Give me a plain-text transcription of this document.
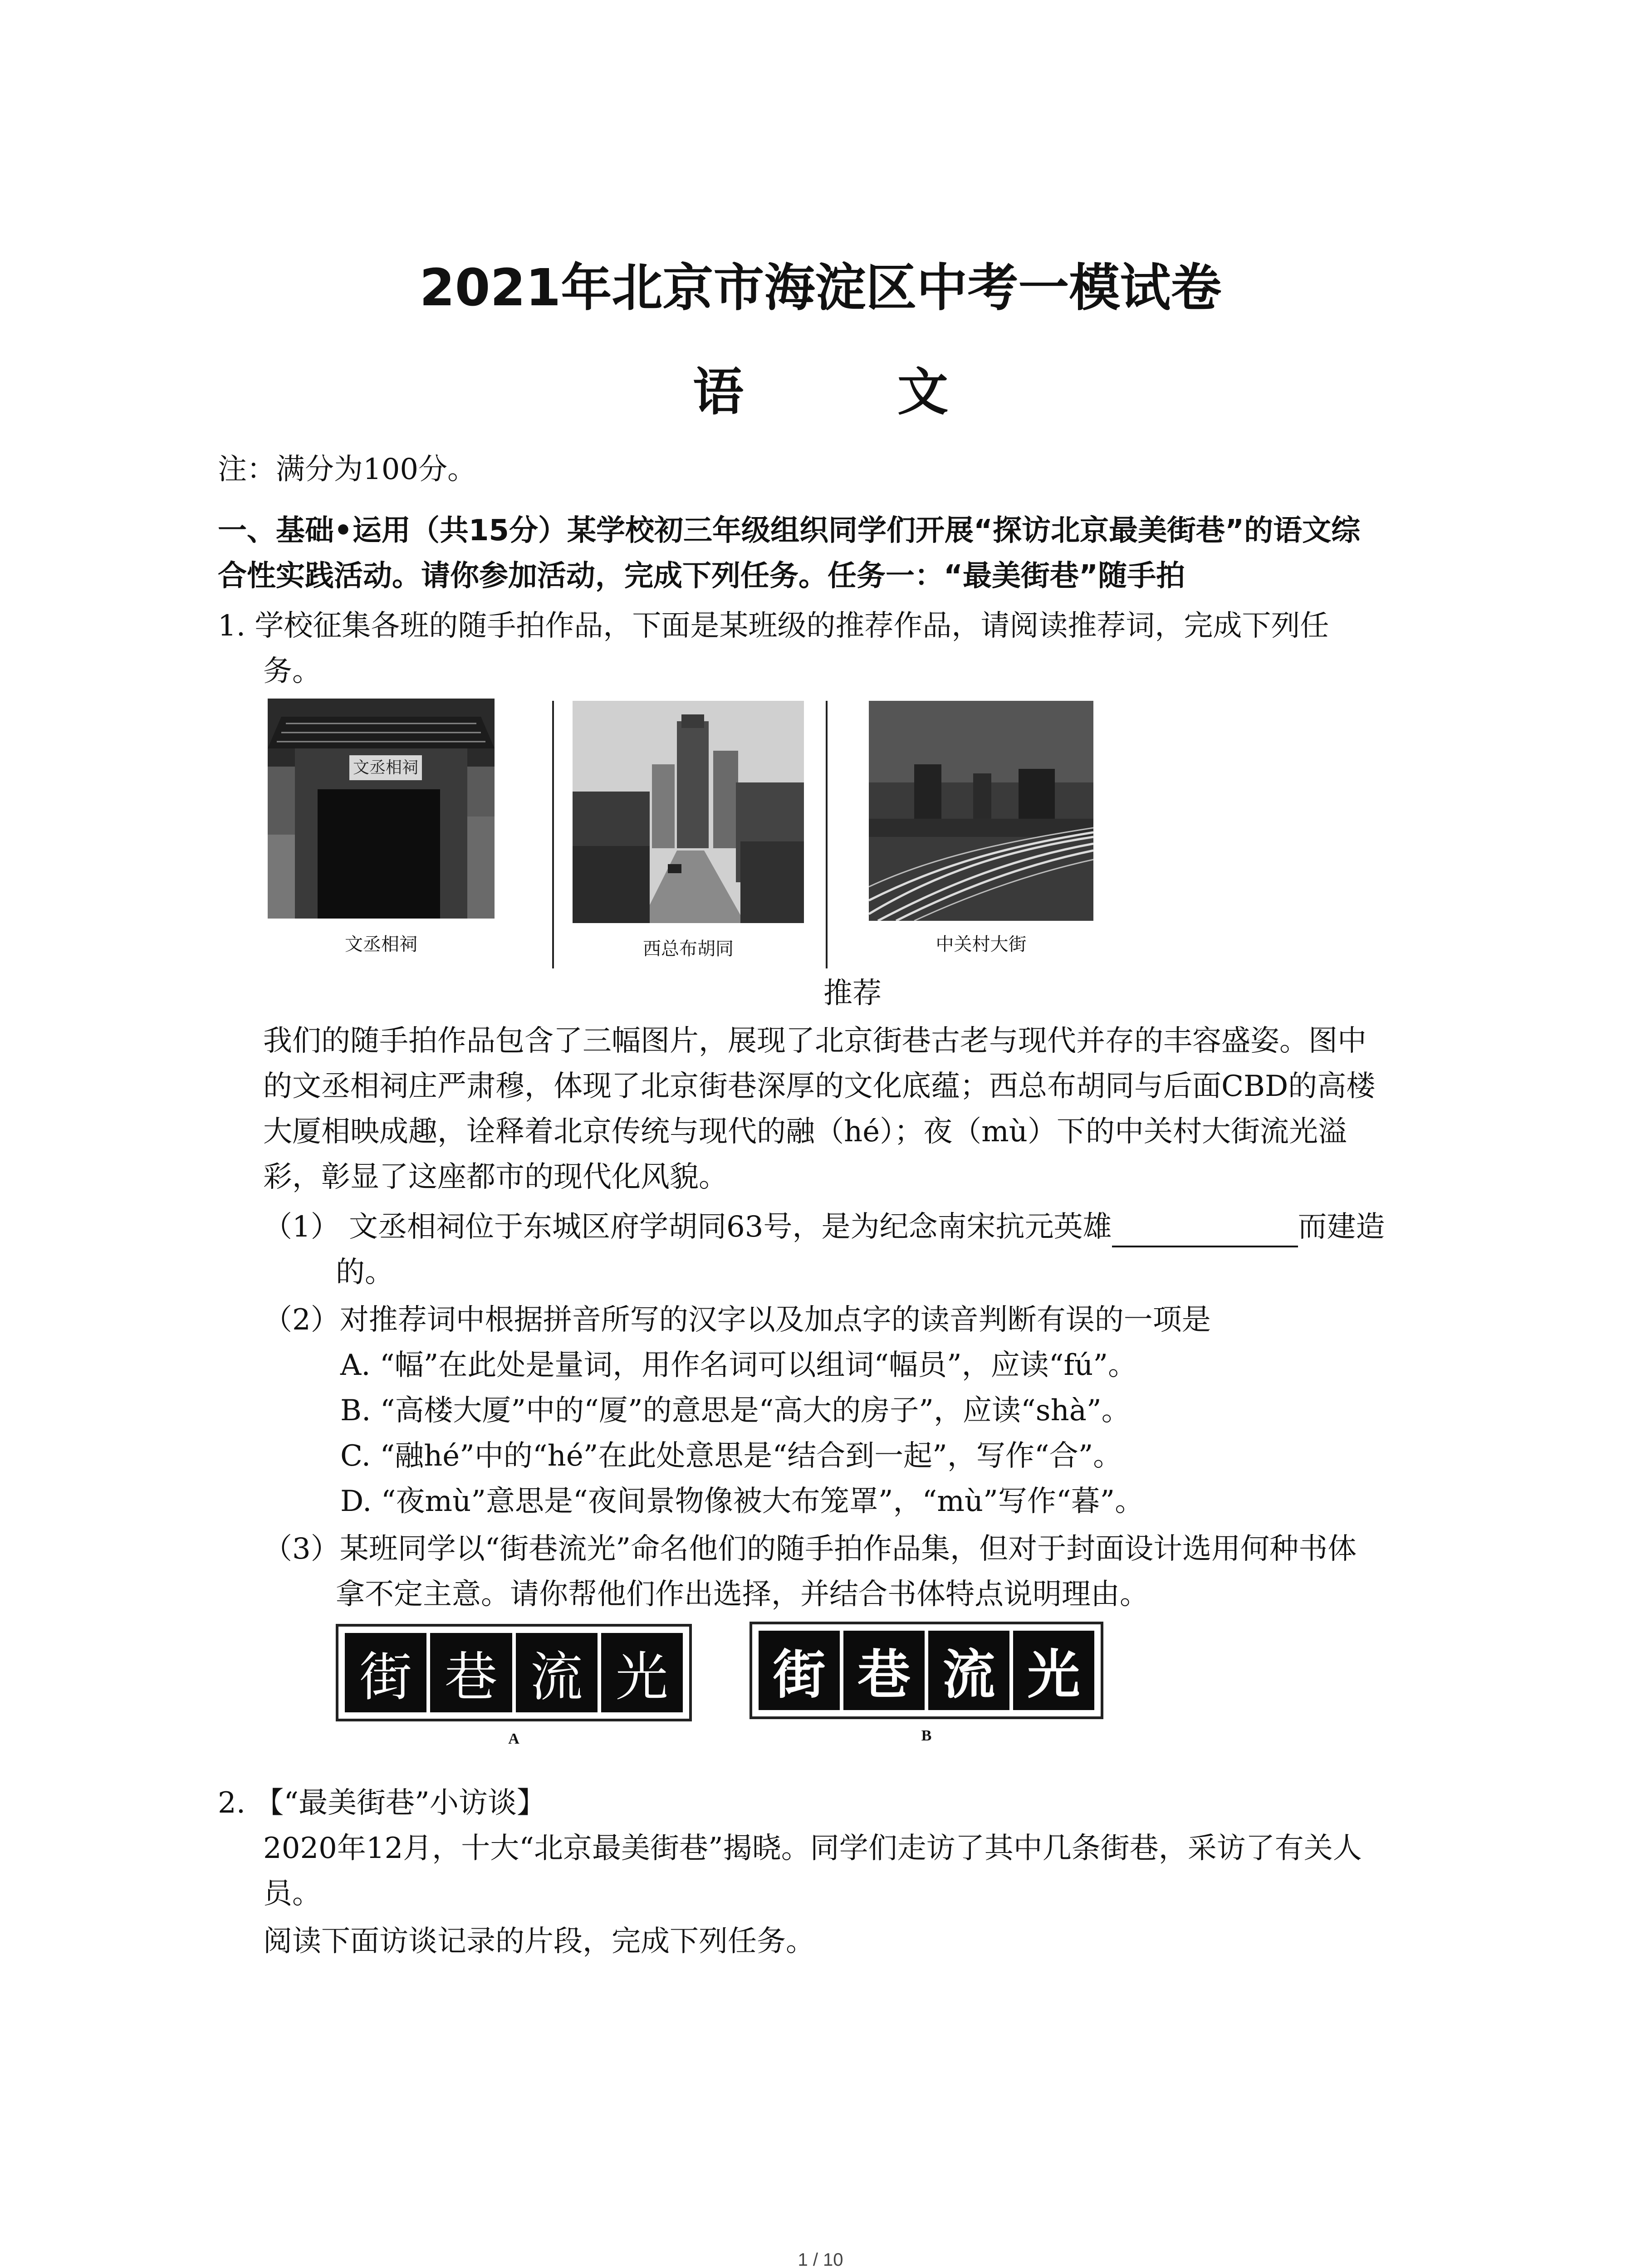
2021年北京市海淀区中考一模试卷
语 文
注：满分为100分。
一、基础•运用（共15分）某学校初三年级组织同学们开展“探访北京最美街巷”的语文综
合性实践活动。请你参加活动，完成下列任务。任务一：“最美街巷”随手拍
1. 学校征集各班的随手拍作品，下面是某班级的推荐作品，请阅读推荐词，完成下列任
务。
文丞相祠
文丞相祠	西总布胡同	中关村大街
推荐
我们的随手拍作品包含了三幅图片，展现了北京街巷古老与现代并存的丰容盛姿。图中
的文丞相祠庄严肃穆，体现了北京街巷深厚的文化底蕴；西总布胡同与后面CBD的高楼
大厦相映成趣，诠释着北京传统与现代的融（hé）；夜（mù）下的中关村大街流光溢
彩，彰显了这座都市的现代化风貌。
（1） 文丞相祠位于东城区府学胡同63号，是为纪念南宋抗元英雄	而建造
的。
（2）对推荐词中根据拼音所写的汉字以及加点字的读音判断有误的一项是
A. “幅”在此处是量词，用作名词可以组词“幅员”，应读“fú”。
B. “高楼大厦”中的“厦”的意思是“高大的房子”，应读“shà”。
C. “融hé”中的“hé”在此处意思是“结合到一起”，写作“合”。
D. “夜mù”意思是“夜间景物像被大布笼罩”，“mù”写作“暮”。
（3）某班同学以“街巷流光”命名他们的随手拍作品集，但对于封面设计选用何种书体
拿不定主意。请你帮他们作出选择，并结合书体特点说明理由。
街 巷 流 光
A
街 巷 流 光
B
2. 【“最美街巷”小访谈】
2020年12月，十大“北京最美街巷”揭晓。同学们走访了其中几条街巷，采访了有关人
员。
阅读下面访谈记录的片段，完成下列任务。
1 / 10
